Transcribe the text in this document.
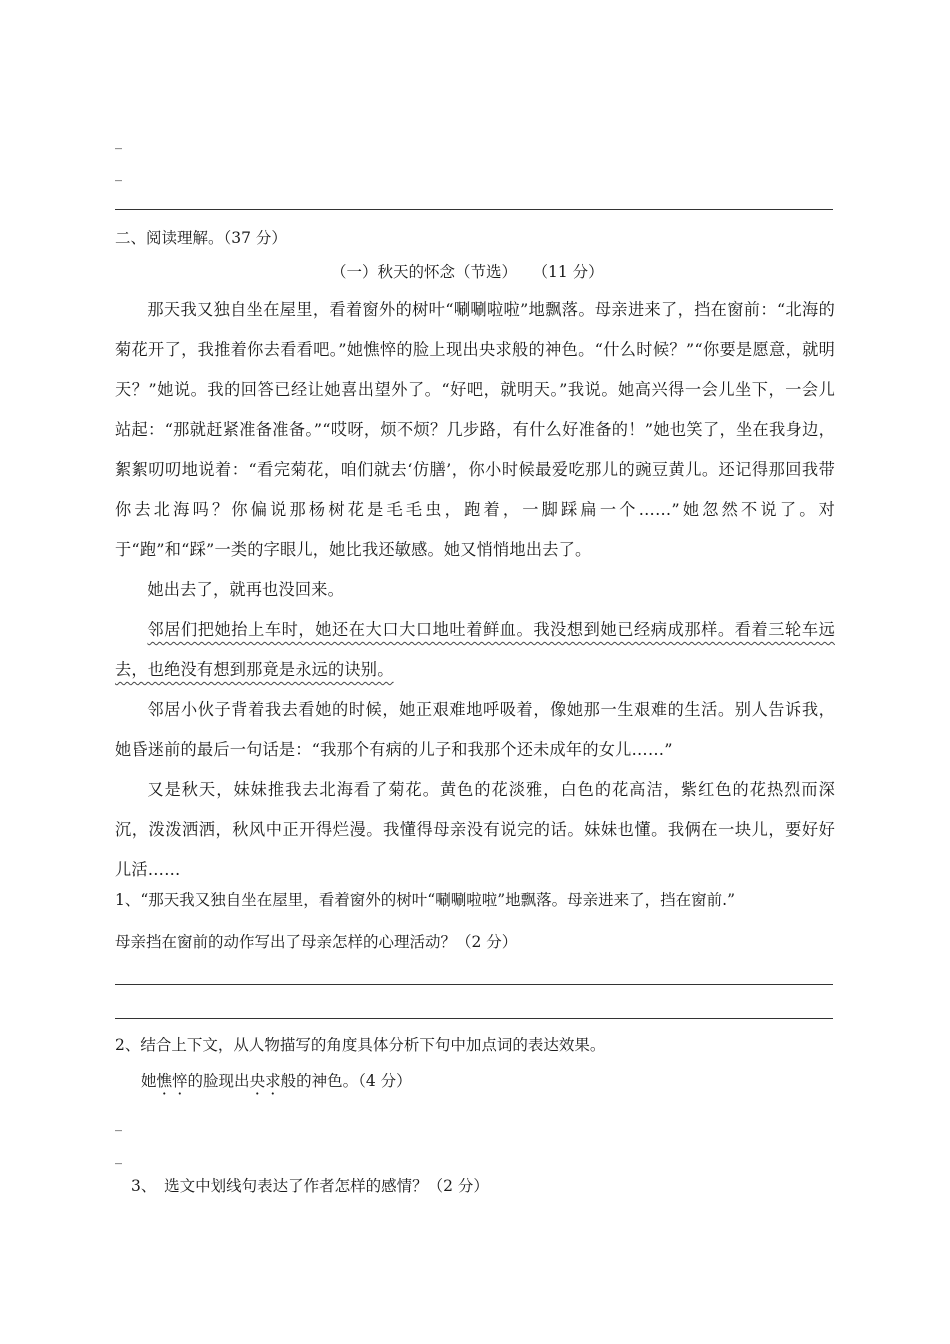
_
_
二、阅读理解。（37 分）
（一）秋天的怀念（节选）　　（11 分）

那天我又独自坐在屋里，看着窗外的树叶“唰唰啦啦”地飘落。母亲进来了，挡在窗前：“北海的菊花开了，我推着你去看看吧。”她憔悴的脸上现出央求般的神色。“什么时候？”“你要是愿意，就明天？”她说。我的回答已经让她喜出望外了。“好吧，就明天。”我说。她高兴得一会儿坐下，一会儿站起：“那就赶紧准备准备。”“哎呀，烦不烦？几步路，有什么好准备的！”她也笑了，坐在我身边，絮絮叨叨地说着：“看完菊花，咱们就去‘仿膳’，你小时候最爱吃那儿的豌豆黄儿。还记得那回我带你去北海吗？你偏说那杨树花是毛毛虫，跑着，一脚踩扁一个……”她忽然不说了。对于“跑”和“踩”一类的字眼儿，她比我还敏感。她又悄悄地出去了。

她出去了，就再也没回来。

邻居们把她抬上车时，她还在大口大口地吐着鲜血。我没想到她已经病成那样。看着三轮车远去，也绝没有想到那竟是永远的诀别。

邻居小伙子背着我去看她的时候，她正艰难地呼吸着，像她那一生艰难的生活。别人告诉我，她昏迷前的最后一句话是：“我那个有病的儿子和我那个还未成年的女儿……”

又是秋天，妹妹推我去北海看了菊花。黄色的花淡雅，白色的花高洁，紫红色的花热烈而深沉，泼泼洒洒，秋风中正开得烂漫。我懂得母亲没有说完的话。妹妹也懂。我俩在一块儿，要好好儿活……

1、“那天我又独自坐在屋里，看着窗外的树叶“唰唰啦啦”地飘落。母亲进来了，挡在窗前.”
母亲挡在窗前的动作写出了母亲怎样的心理活动？（2 分）
2、结合上下文，从人物描写的角度具体分析下句中加点词的表达效果。
她憔悴的脸现出央求般的神色。（4 分）
_
_
3、　选文中划线句表达了作者怎样的感情？（2 分）
